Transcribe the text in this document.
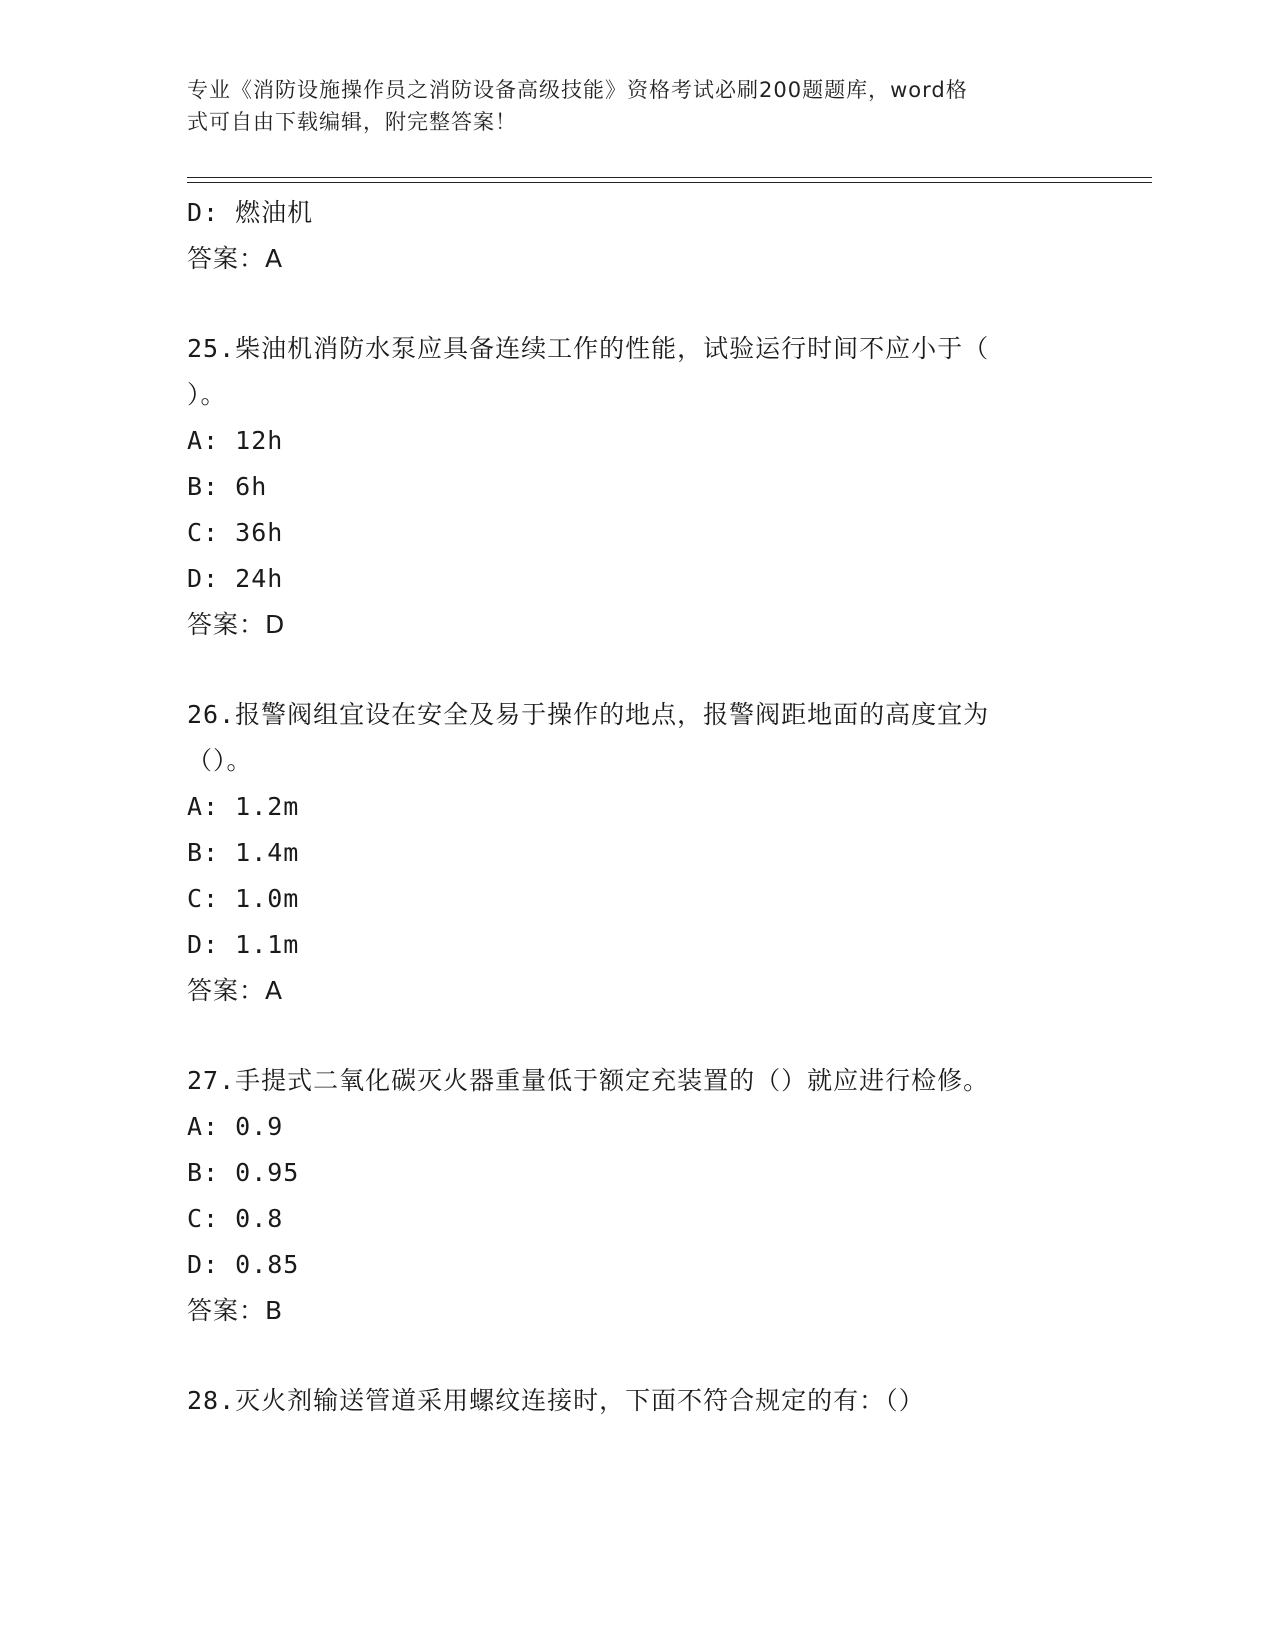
专业《消防设施操作员之消防设备高级技能》资格考试必刷200题题库，word格
式可自由下载编辑，附完整答案！
D: 燃油机
答案：A
25.柴油机消防水泵应具备连续工作的性能，试验运行时间不应小于（
）。
A: 12h
B: 6h
C: 36h
D: 24h
答案：D
26.报警阀组宜设在安全及易于操作的地点，报警阀距地面的高度宜为
（）。
A: 1.2m
B: 1.4m
C: 1.0m
D: 1.1m
答案：A
27.手提式二氧化碳灭火器重量低于额定充装置的（）就应进行检修。
A: 0.9
B: 0.95
C: 0.8
D: 0.85
答案：B
28.灭火剂输送管道采用螺纹连接时，下面不符合规定的有：（）
